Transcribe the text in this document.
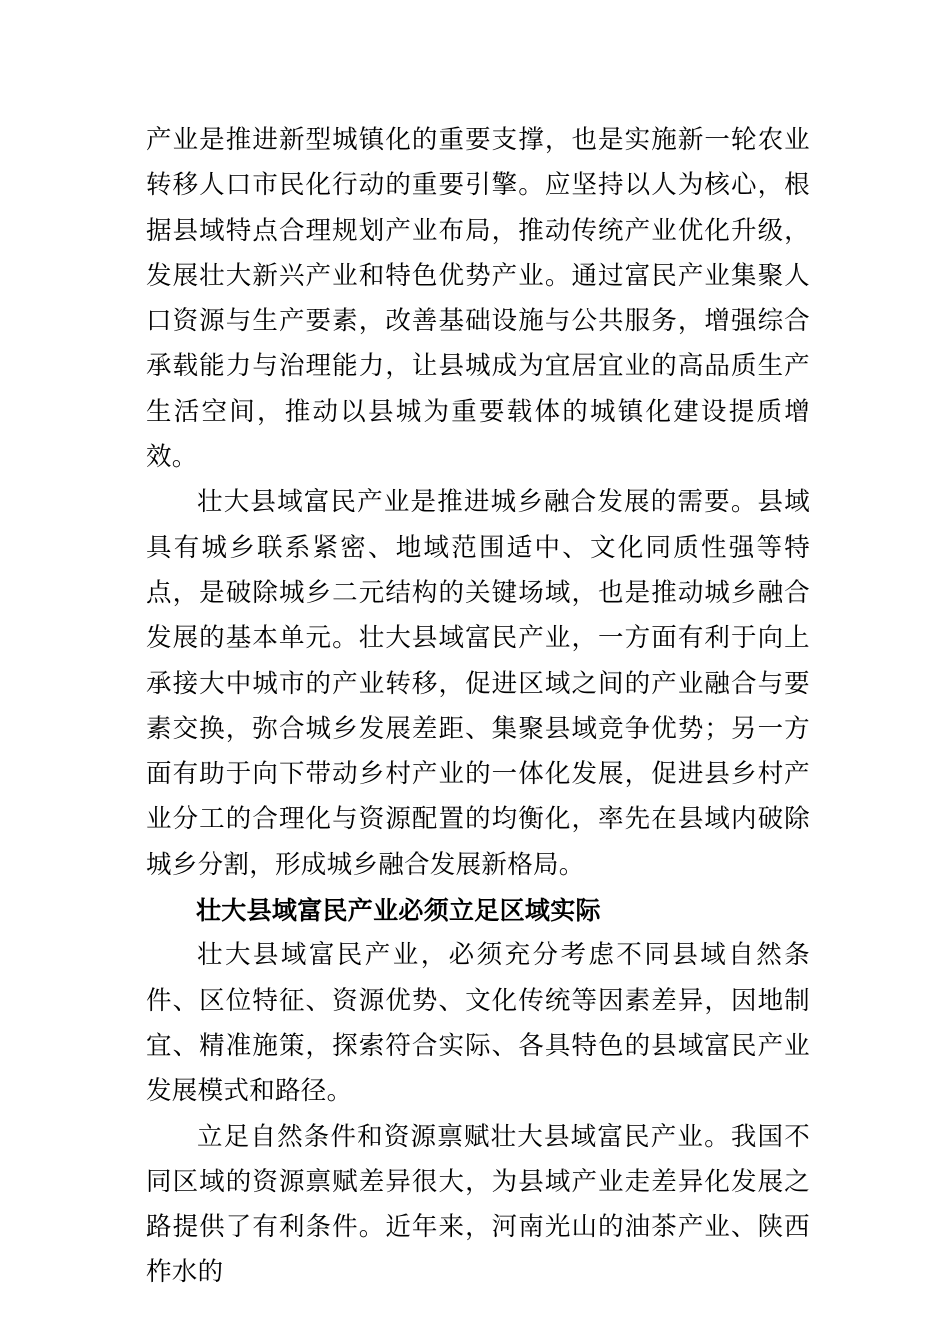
产业是推进新型城镇化的重要支撑，也是实施新一轮农业转移人口市民化行动的重要引擎。应坚持以人为核心，根据县域特点合理规划产业布局，推动传统产业优化升级，发展壮大新兴产业和特色优势产业。通过富民产业集聚人口资源与生产要素，改善基础设施与公共服务，增强综合承载能力与治理能力，让县城成为宜居宜业的高品质生产生活空间，推动以县城为重要载体的城镇化建设提质增效。

壮大县域富民产业是推进城乡融合发展的需要。县域具有城乡联系紧密、地域范围适中、文化同质性强等特点，是破除城乡二元结构的关键场域，也是推动城乡融合发展的基本单元。壮大县域富民产业，一方面有利于向上承接大中城市的产业转移，促进区域之间的产业融合与要素交换，弥合城乡发展差距、集聚县域竞争优势；另一方面有助于向下带动乡村产业的一体化发展，促进县乡村产业分工的合理化与资源配置的均衡化，率先在县域内破除城乡分割，形成城乡融合发展新格局。

壮大县域富民产业必须立足区域实际

壮大县域富民产业，必须充分考虑不同县域自然条件、区位特征、资源优势、文化传统等因素差异，因地制宜、精准施策，探索符合实际、各具特色的县域富民产业发展模式和路径。

立足自然条件和资源禀赋壮大县域富民产业。我国不同区域的资源禀赋差异很大，为县域产业走差异化发展之路提供了有利条件。近年来，河南光山的油茶产业、陕西柞水的
